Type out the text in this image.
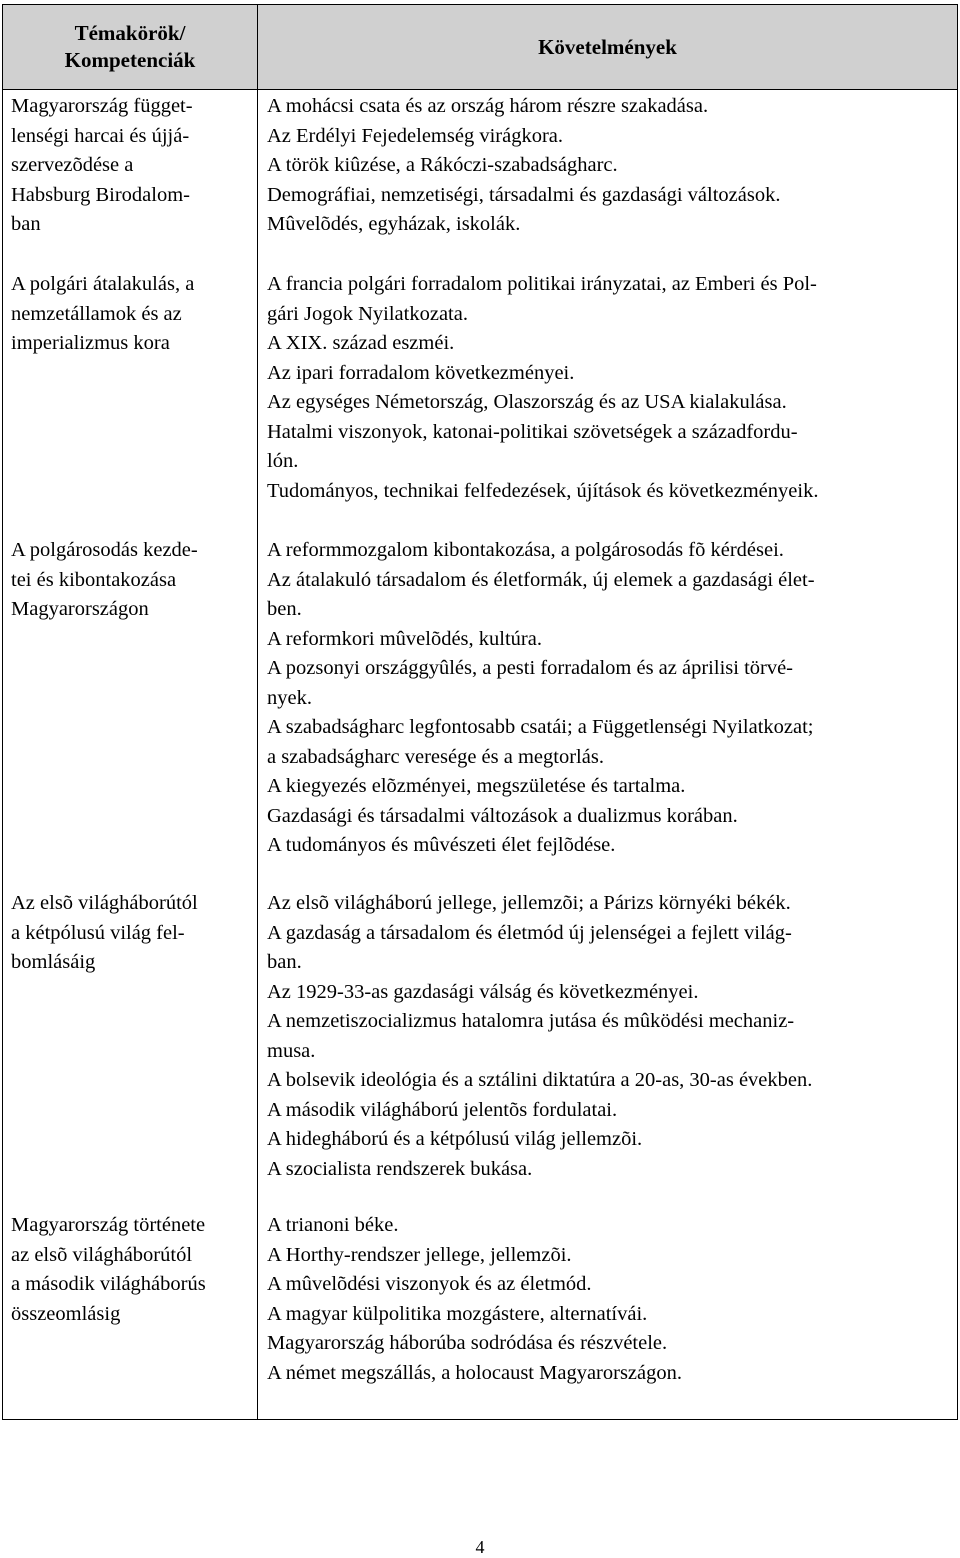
Témakörök/
Kompetenciák
Követelmények
Magyarország függet-
lenségi harcai és újjá-
szervezõdése a
Habsburg Birodalom-
ban
A polgári átalakulás, a
nemzetállamok és az
imperializmus kora
A polgárosodás kezde-
tei és kibontakozása
Magyarországon
Az elsõ világháborútól
a kétpólusú világ fel-
bomlásáig
Magyarország története
az elsõ világháborútól
a második világháborús
összeomlásig
A mohácsi csata és az ország három részre szakadása.
Az Erdélyi Fejedelemség virágkora.
A török kiûzése, a Rákóczi-szabadságharc.
Demográfiai, nemzetiségi, társadalmi és gazdasági változások.
Mûvelõdés, egyházak, iskolák.
A francia polgári forradalom politikai irányzatai, az Emberi és Pol-
gári Jogok Nyilatkozata.
A XIX. század eszméi.
Az ipari forradalom következményei.
Az egységes Németország, Olaszország és az USA kialakulása.
Hatalmi viszonyok, katonai-politikai szövetségek a századfordu-
lón.
Tudományos, technikai felfedezések, újítások és következményeik.
A reformmozgalom kibontakozása, a polgárosodás fõ kérdései.
Az átalakuló társadalom és életformák, új elemek a gazdasági élet-
ben.
A reformkori mûvelõdés, kultúra.
A pozsonyi országgyûlés, a pesti forradalom és az áprilisi törvé-
nyek.
A szabadságharc legfontosabb csatái; a Függetlenségi Nyilatkozat;
a szabadságharc veresége és a megtorlás.
A kiegyezés elõzményei, megszületése és tartalma.
Gazdasági és társadalmi változások a dualizmus korában.
A tudományos és mûvészeti élet fejlõdése.
Az elsõ világháború jellege, jellemzõi; a Párizs környéki békék.
A gazdaság a társadalom és életmód új jelenségei a fejlett világ-
ban.
Az 1929-33-as gazdasági válság és következményei.
A nemzetiszocializmus hatalomra jutása és mûködési mechaniz-
musa.
A bolsevik ideológia és a sztálini diktatúra a 20-as, 30-as években.
A második világháború jelentõs fordulatai.
A hidegháború és a kétpólusú világ jellemzõi.
A szocialista rendszerek bukása.
A trianoni béke.
A Horthy-rendszer jellege, jellemzõi.
A mûvelõdési viszonyok és az életmód.
A magyar külpolitika mozgástere, alternatívái.
Magyarország háborúba sodródása és részvétele.
A német megszállás, a holocaust Magyarországon.
4
